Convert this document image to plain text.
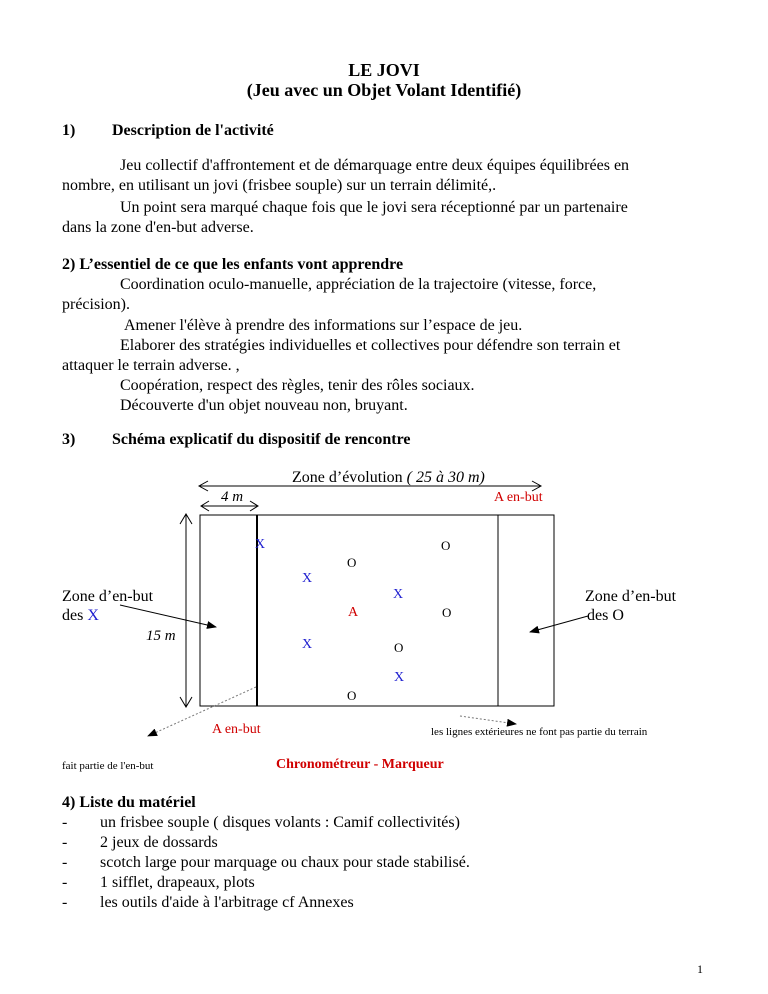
LE JOVI
(Jeu avec un Objet Volant Identifié)
1) Description de l'activité
Jeu collectif d'affrontement et de démarquage entre deux équipes équilibrées en
nombre, en utilisant un jovi (frisbee souple) sur un terrain délimité,.
Un point sera marqué chaque fois que le jovi sera réceptionné par un partenaire
dans la zone d'en-but adverse.
2) L’essentiel de ce que les enfants vont apprendre
Coordination oculo-manuelle, appréciation de la trajectoire (vitesse, force,
précision).
Amener l'élève à prendre des informations sur l’espace de jeu.
Elaborer des stratégies individuelles et collectives pour défendre son terrain et
attaquer le terrain adverse. ,
Coopération, respect des règles, tenir des rôles sociaux.
Découverte d'un objet nouveau non, bruyant.
3) Schéma explicatif du dispositif de rencontre
Zone d’évolution ( 25 à 30 m)
4 m	A en-but
Zone d’en-but
des X
15 m
Zone d’en-but
des O
X	O
O
X
X
A	O
X	O
X
O
A en-but	les lignes extérieures ne font pas partie du terrain
fait partie de l'en-but	Chronométreur - Marqueur
4) Liste du matériel
- un frisbee souple ( disques volants : Camif collectivités)
- 2 jeux de dossards
- scotch large pour marquage ou chaux pour stade stabilisé.
- 1 sifflet, drapeaux, plots
- les outils d'aide à l'arbitrage cf Annexes
1
